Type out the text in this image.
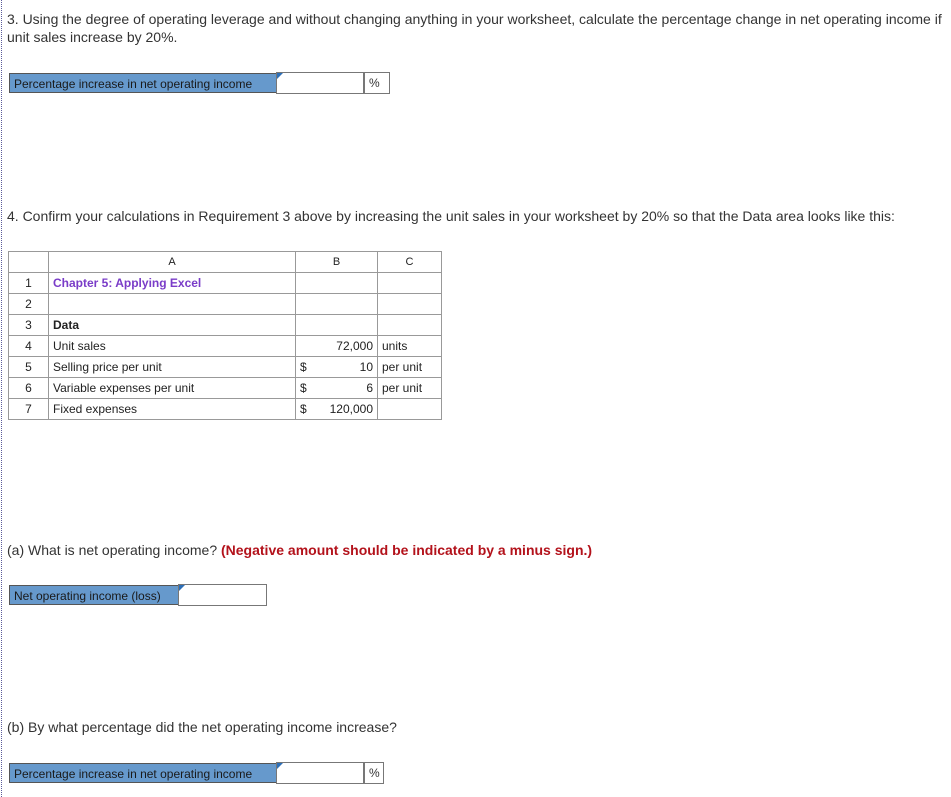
3. Using the degree of operating leverage and without changing anything in your worksheet, calculate the percentage change in net operating income if unit sales increase by 20%.
Percentage increase in net operating income	%
4. Confirm your calculations in Requirement 3 above by increasing the unit sales in your worksheet by 20% so that the Data area looks like this:
	A	B	C
1	Chapter 5: Applying Excel		
2			
3	Data		
4	Unit sales	72,000	units
5	Selling price per unit	$ 10	per unit
6	Variable expenses per unit	$ 6	per unit
7	Fixed expenses	$ 120,000	
(a) What is net operating income? (Negative amount should be indicated by a minus sign.)
Net operating income (loss)
(b) By what percentage did the net operating income increase?
Percentage increase in net operating income	%
